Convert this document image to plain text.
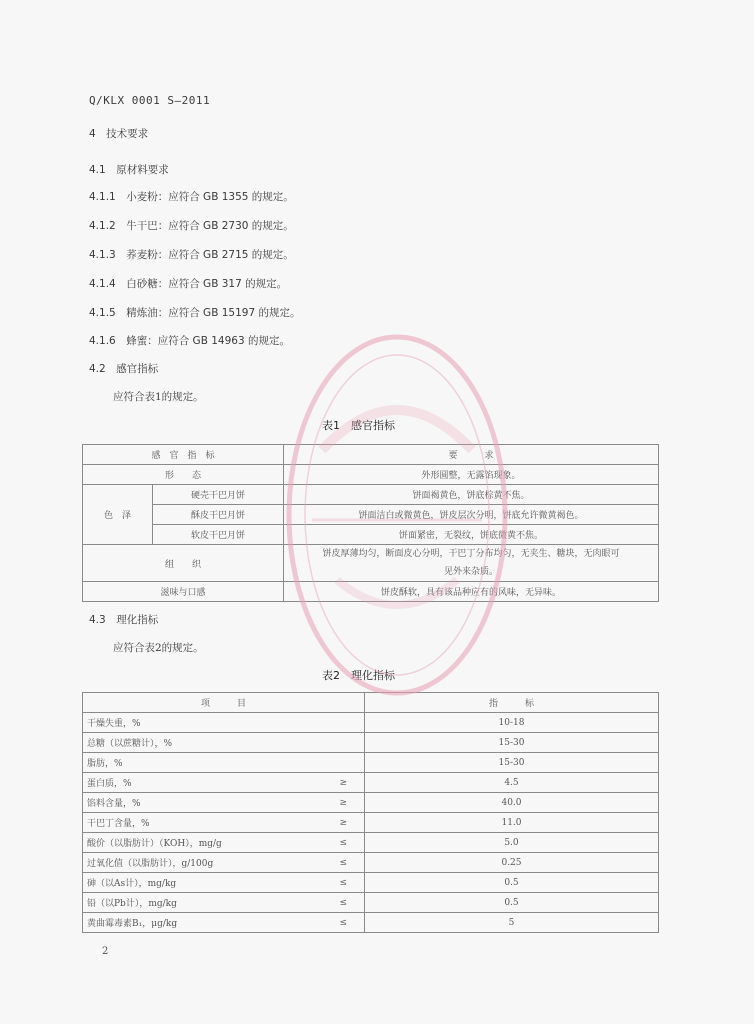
Q/KLX 0001 S—2011
4　技术要求
4.1　原材料要求
4.1.1　小麦粉：应符合 GB 1355 的规定。
4.1.2　牛干巴：应符合 GB 2730 的规定。
4.1.3　荞麦粉：应符合 GB 2715 的规定。
4.1.4　白砂糖：应符合 GB 317 的规定。
4.1.5　精炼油：应符合 GB 15197 的规定。
4.1.6　蜂蜜：应符合 GB 14963 的规定。
4.2　感官指标
应符合表1的规定。
表1　感官指标
感　官　指　标		要　　　求
形　　态		外形圆整，无露馅现象。
色　泽	硬壳干巴月饼	饼面褐黄色，饼底棕黄不焦。
	酥皮干巴月饼	饼面洁白或微黄色，饼皮层次分明，饼底允许微黄褐色。
	软皮干巴月饼	饼面紧密，无裂纹，饼底微黄不焦。
组　　织		饼皮厚薄均匀，断面皮心分明，干巴丁分布均匀，无夹生、糖块，无肉眼可
见外来杂质。

滋味与口感		饼皮酥软，具有该品种应有的风味，无异味。
4.3　理化指标
应符合表2的规定。
表2　理化指标
项　　　目		指　　　标
干燥失重，%		10-18
总糖（以蔗糖计），%		15-30
脂肪，%		15-30
蛋白质，%	≥	4.5
馅料含量，%	≥	40.0
干巴丁含量，%	≥	11.0
酸价（以脂肪计）（KOH），mg/g	≤	5.0
过氧化值（以脂肪计），g/100g	≤	0.25
砷（以As计），mg/kg	≤	0.5
铅（以Pb计），mg/kg	≤	0.5
黄曲霉毒素B₁，μg/kg	≤	5
2
